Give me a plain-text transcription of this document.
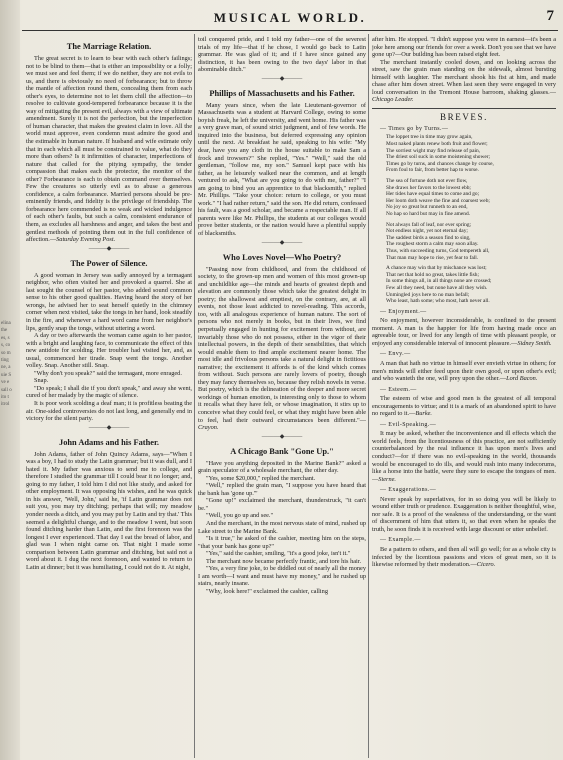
elina
the
es, s
s, co
so m
ting
ne, a
uie S
ve e
sall o
ito t
itrol
MUSICAL WORLD.	7
The Marriage Relation.

The great secret is to learn to bear with each other's failings; not to be blind to them—that is either an impossibility or a folly; we must see and feel them; if we do neither, they are not evils to us, and there is obviously no need of forbearance; but to throw the mantle of affection round them, concealing them from each other's eyes, to determine not to let them chill the affection—to resolve to cultivate good-tempered forbearance because it is the way of mitigating the present evil, always with a view of ultimate amendment. Surely it is not the perfection, but the imperfection of human character, that makes the greatest claim in love. All the world must approve, even condemn must admire the good and the estimable in human nature. If husband and wife estimate only that in each which all must be constrained to value, what do they more than others? Is it infirmities of character, imperfections of nature that called for the pitying sympathy, the tender compassion that makes each the protector, the monitor of the other? Forbearance is each to obtain command over themselves. Few the creatures so utterly evil as to abuse a generous confidence, a calm forbearance. Married persons should be pre-eminently friends, and fidelity is the privilege of friendship. The forbearance here commended is no weak and wicked indulgence of each other's faults, but such a calm, consistent endurance of them, as excludes all harshness and anger, and takes the best and gentlest methods of pointing them out in the full confidence of affection.—Saturday Evening Post.

———◆———
The Power of Silence.

A good woman in Jersey was sadly annoyed by a termagant neighbor, who often visited her and provoked a quarrel. She at last sought the counsel of her pastor, who added sound common sense to his other good qualities. Having heard the story of her wrongs, he advised her to seat herself quietly in the chimney corner when next visited, take the tongs in her hand, look steadily in the fire, and whenever a hard word came from her neighbor's lips, gently snap the tongs, without uttering a word.

A day or two afterwards the woman came again to her pastor, with a bright and laughing face, to communicate the effect of this new antidote for scolding. Her troubler had visited her, and, as usual, commenced her tirade. Snap went the tongs. Another volley. Snap. Another still. Snap.

"Why don't you speak?" said the termagant, more enraged.

Snap.

"Do speak; I shall die if you don't speak," and away she went, cured of her malady by the magic of silence.

It is poor work scolding a deaf man; it is profitless beating the air. One-sided controversies do not last long, and generally end in victory for the silent party.

———◆———
John Adams and his Father.

John Adams, father of John Quincy Adams, says—"When I was a boy, I had to study the Latin grammar; but it was dull, and I hated it. My father was anxious to send me to college, and therefore I studied the grammar till I could bear it no longer; and, going to my father, I told him I did not like study, and asked for other employment. It was opposing his wishes, and he was quick in his answer, 'Well, John,' said he, 'if Latin grammar does not suit you, you may try ditching; perhaps that will; my meadow yonder needs a ditch, and you may put by Latin and try that.' This seemed a delightful change, and to the meadow I went, but soon found ditching harder than Latin, and the first forenoon was the longest I ever experienced. That day I eat the bread of labor, and glad was I when night came on. That night I made some comparison between Latin grammar and ditching, but said not a word about it. I dug the next forenoon, and wanted to return to Latin at dinner; but it was humiliating, I could not do it. At night,

toil conquered pride, and I told my father—one of the severest trials of my life—that if he chose, I would go back to Latin grammar. He was glad of it; and if I have since gained any distinction, it has been owing to the two days' labor in that abominable ditch."

———◆———
Phillips of Massachusetts and his Father.

Many years since, when the late Lieutenant-governor of Massachusetts was a student at Harvard College, owing to some boyish freak, he left the university, and went home. His father was a very grave man, of sound strict judgment, and of few words. He inquired into the business, but deferred expressing any opinion until the next. At breakfast he said, speaking to his wife: "My dear, have you any cloth in the house suitable to make Sam a frock and trowsers?" She replied, "Yes." "Well," said the old gentleman, "follow me, my son." Samuel kept pace with his father, as he leisurely walked near the common, and at length ventured to ask, "What are you going to do with me, father?" "I am going to bind you an apprentice to that blacksmith," replied Mr. Phillips. "Take your choice: return to college, or you must work." "I had rather return," said the son. He did return, confessed his fault, was a good scholar, and became a respectable man. If all parents were like Mr. Phillips, the students at our colleges would prove better students, or the nation would have a plentiful supply of blacksmiths.

———◆———
Who Loves Novel—Who Poetry?

"Passing now from childhood, and from the childhood of society, to the grown-up men and women of this most grown-up and unchildlike age—the minds and hearts of greatest depth and elevation are commonly those which take the greatest delight in poetry; the shallowest and emptiest, on the contrary, are, at all events, not those least addicted to novel-reading. This accords, too, with all analogous experience of human nature. The sort of persons who not merely in books, but in their lives, we find perpetually engaged in hunting for excitement from without, are invariably those who do not possess, either in the vigor of their intellectual powers, in the depth of their sensibilities, that which would enable them to find ample excitement nearer home. The most idle and frivolous persons take a natural delight in fictitious narrative; the excitement it affords is of the kind which comes from without. Such persons are rarely lovers of poetry, though they may fancy themselves so, because they relish novels in verse. But poetry, which is the delineation of the deeper and more secret workings of human emotion, is interesting only to those to whom it recalls what they have felt, or whose imagination, it stirs up to conceive what they could feel, or what they might have been able to feel, had their outward circumstances been different."—Crayon.

———◆———
A Chicago Bank "Gone Up."

"Have you anything deposited in the Marine Bank?" asked a grain speculator of a wholesale merchant, the other day.

"Yes, some $20,000," replied the merchant.

"Well," replied the grain man, "I suppose you have heard that the bank has 'gone up.'"

"Gone up!" exclaimed the merchant, thunderstruck, "it can't be."

"Well, you go up and see."

And the merchant, in the most nervous state of mind, rushed up Lake street to the Marine Bank.

"Is it true," he asked of the cashier, meeting him on the steps, "that your bank has gone up?"

"Yes," said the cashier, smiling, "it's a good joke, isn't it."

The merchant now became perfectly frantic, and tore his hair.

"Yes, a very fine joke, to be diddled out of nearly all the money I am worth—I want and must have my money," and he rushed up stairs, nearly insane.

"Why, look here!" exclaimed the cashier, calling

after him. He stopped. "I didn't suppose you were in earnest—it's been a joke here among our friends for over a week. Don't you see that we have gone up?—Our building has been raised eight feet.

The merchant instantly cooled down, and on looking across the street, saw the grain man standing on the sidewalk, almost bursting himself with laughter. The merchant shook his fist at him, and made chase after him down street. When last seen they were engaged in very loud conversation in the Tremont House barroom, shaking glasses.—Chicago Leader.

BREVES.
— Times go by Turns.—
The loppet tree in time may grow again,
Most naked plants renew both fruit and flower;
The sorriest wight may find release of pain,
The driest soil suck in some moistening shower;
Times go by turns, and chances change by course,
From foul to fair, from better hap to worse.
The sea of fortune doth not ever flow,
She draws her favors to the lowest ebb;
Her tides have equal times to come and go;
Her loom doth weave the fine and coarsest web;
No joy so great but runneth to an end,
No hap so hard but may in fine amend.
Not always fall of leaf, nor ever spring;
Not endless night, yet not eternal day;
The saddest birds a season find to sing,
The roughest storm a calm may soon allay.
Thus, with succeeding turns, God tempereth all,
That man may hope to rise, yet fear to fall.
A chance may win that by mischance was lost;
That net that hold no great, takes little fish;
In some things all, in all things none are crossed;
Few all they need, but none have all they wish.
Unmingled joys here to no man befall;
Who least, hath some; who most, hath never all.
— Enjoyment.—

No enjoyment, however inconsiderable, is confined to the present moment. A man is the happier for life from having made once an agreeable tour, or lived for any length of time with pleasant people, or enjoyed any considerable interval of innocent pleasure.—Sidney Smith.

— Envy.—

A man that hath no virtue in himself ever envieth virtue in others; for men's minds will either feed upon their own good, or upon other's evil; and who wanteth the one, will prey upon the other.—Lord Bacon.

— Esteem.—

The esteem of wise and good men is the greatest of all temporal encouragements to virtue; and it is a mark of an abandoned spirit to have no regard to it.—Burke.

— Evil-Speaking.—

It may be asked, whether the inconvenience and ill effects which the world feels, from the licentiousness of this practice, are not sufficiently counterbalanced by the real influence it has upon men's lives and conduct?—for if there was no evil-speaking in the world, thousands would be encouraged to do ills, and would rush into many indecorums, like a horse into the battle, were they sure to escape the tongues of men.—Sterne.

— Exaggerations.—

Never speak by superlatives, for in so doing you will be likely to wound either truth or prudence. Exaggeration is neither thoughtful, wise, nor safe. It is a proof of the weakness of the understanding, or the want of discernment of him that utters it, so that even when he speaks the truth, he soon finds it is received with large discount or utter unbelief.

— Example.—

Be a pattern to others, and then all will go well; for as a whole city is infected by the licentious passions and vices of great men, so it is likewise reformed by their moderation.—Cicero.
